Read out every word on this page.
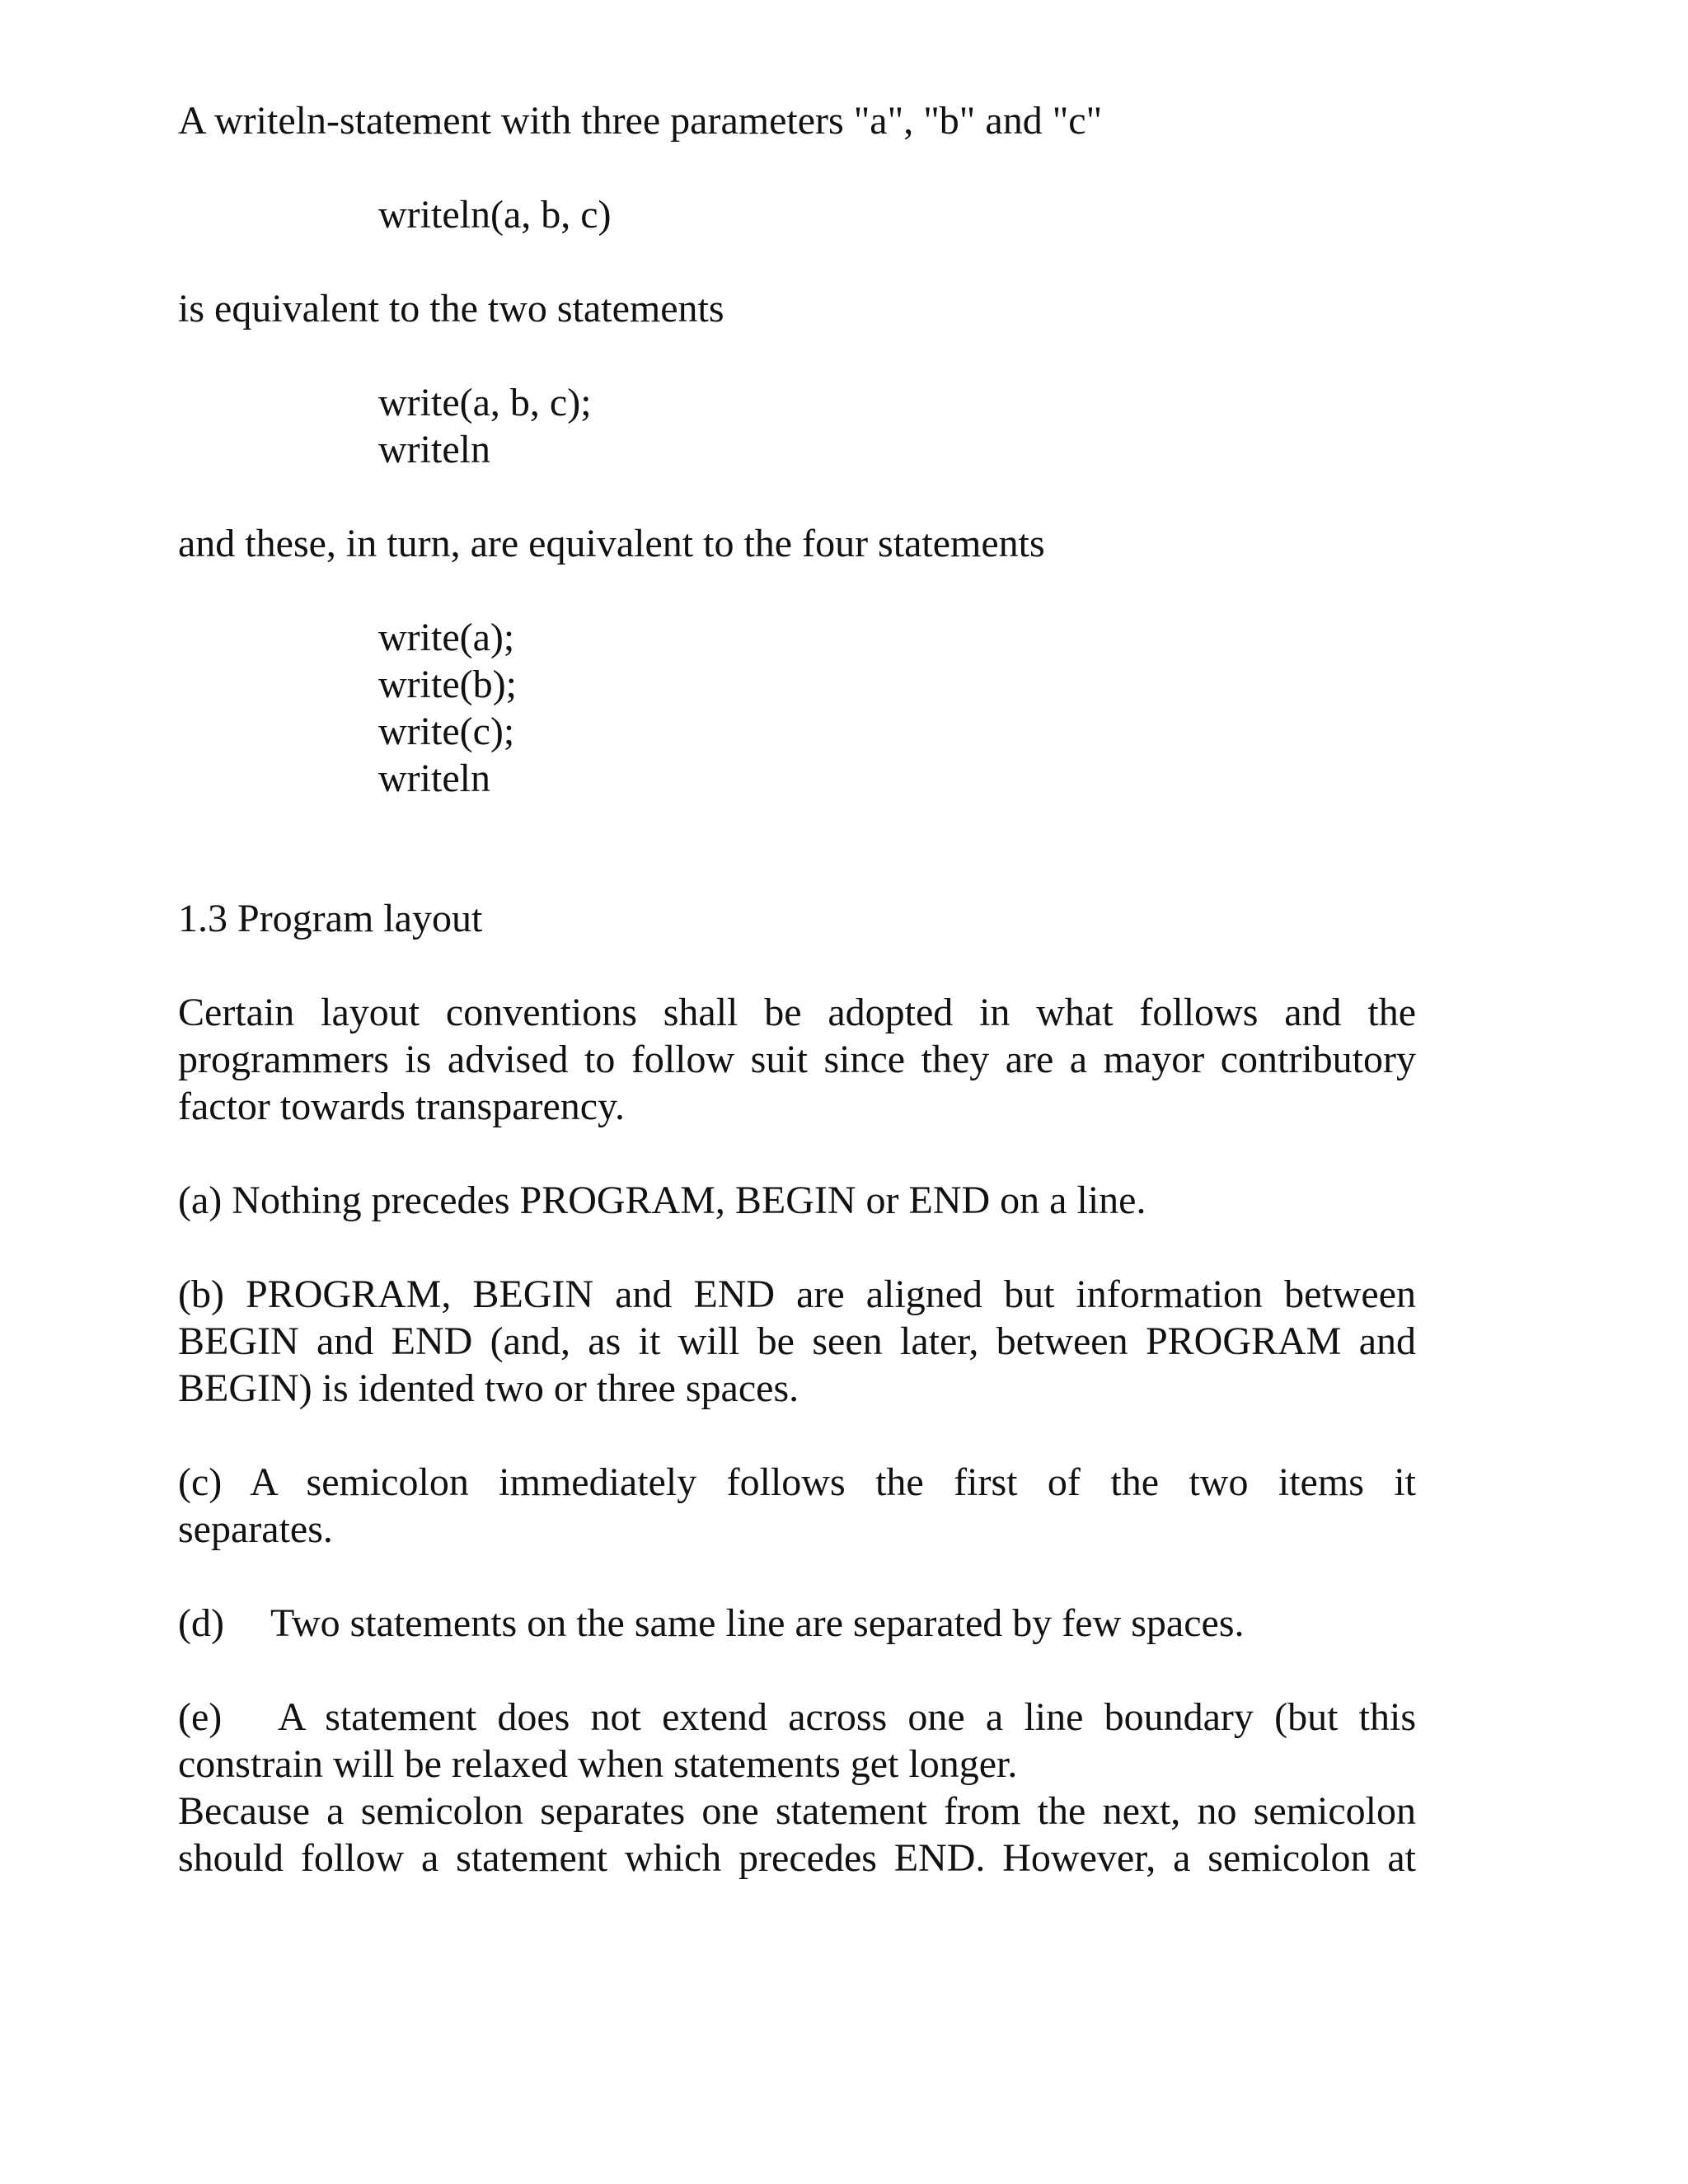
A writeln-statement with three parameters "a", "b" and "c"

writeln(a, b, c)

is equivalent to the two statements

write(a, b, c);

writeln

and these, in turn, are equivalent to the four statements

write(a);

write(b);

write(c);

writeln

1.3 Program layout

Certain layout conventions shall be adopted in what follows and the

programmers is advised to follow suit since they are a mayor contributory

factor towards transparency.

(a) Nothing precedes PROGRAM, BEGIN or END on a line.

(b) PROGRAM, BEGIN and END are aligned but information between

BEGIN and END (and, as it will be seen later, between PROGRAM and

BEGIN) is idented two or three spaces.

(c) A semicolon immediately follows the first of the two items it

separates.

(d) Two statements on the same line are separated by few spaces.

(e) A statement does not extend across one a line boundary (but this

constrain will be relaxed when statements get longer.

Because a semicolon separates one statement from the next, no semicolon

should follow a statement which precedes END. However, a semicolon at
